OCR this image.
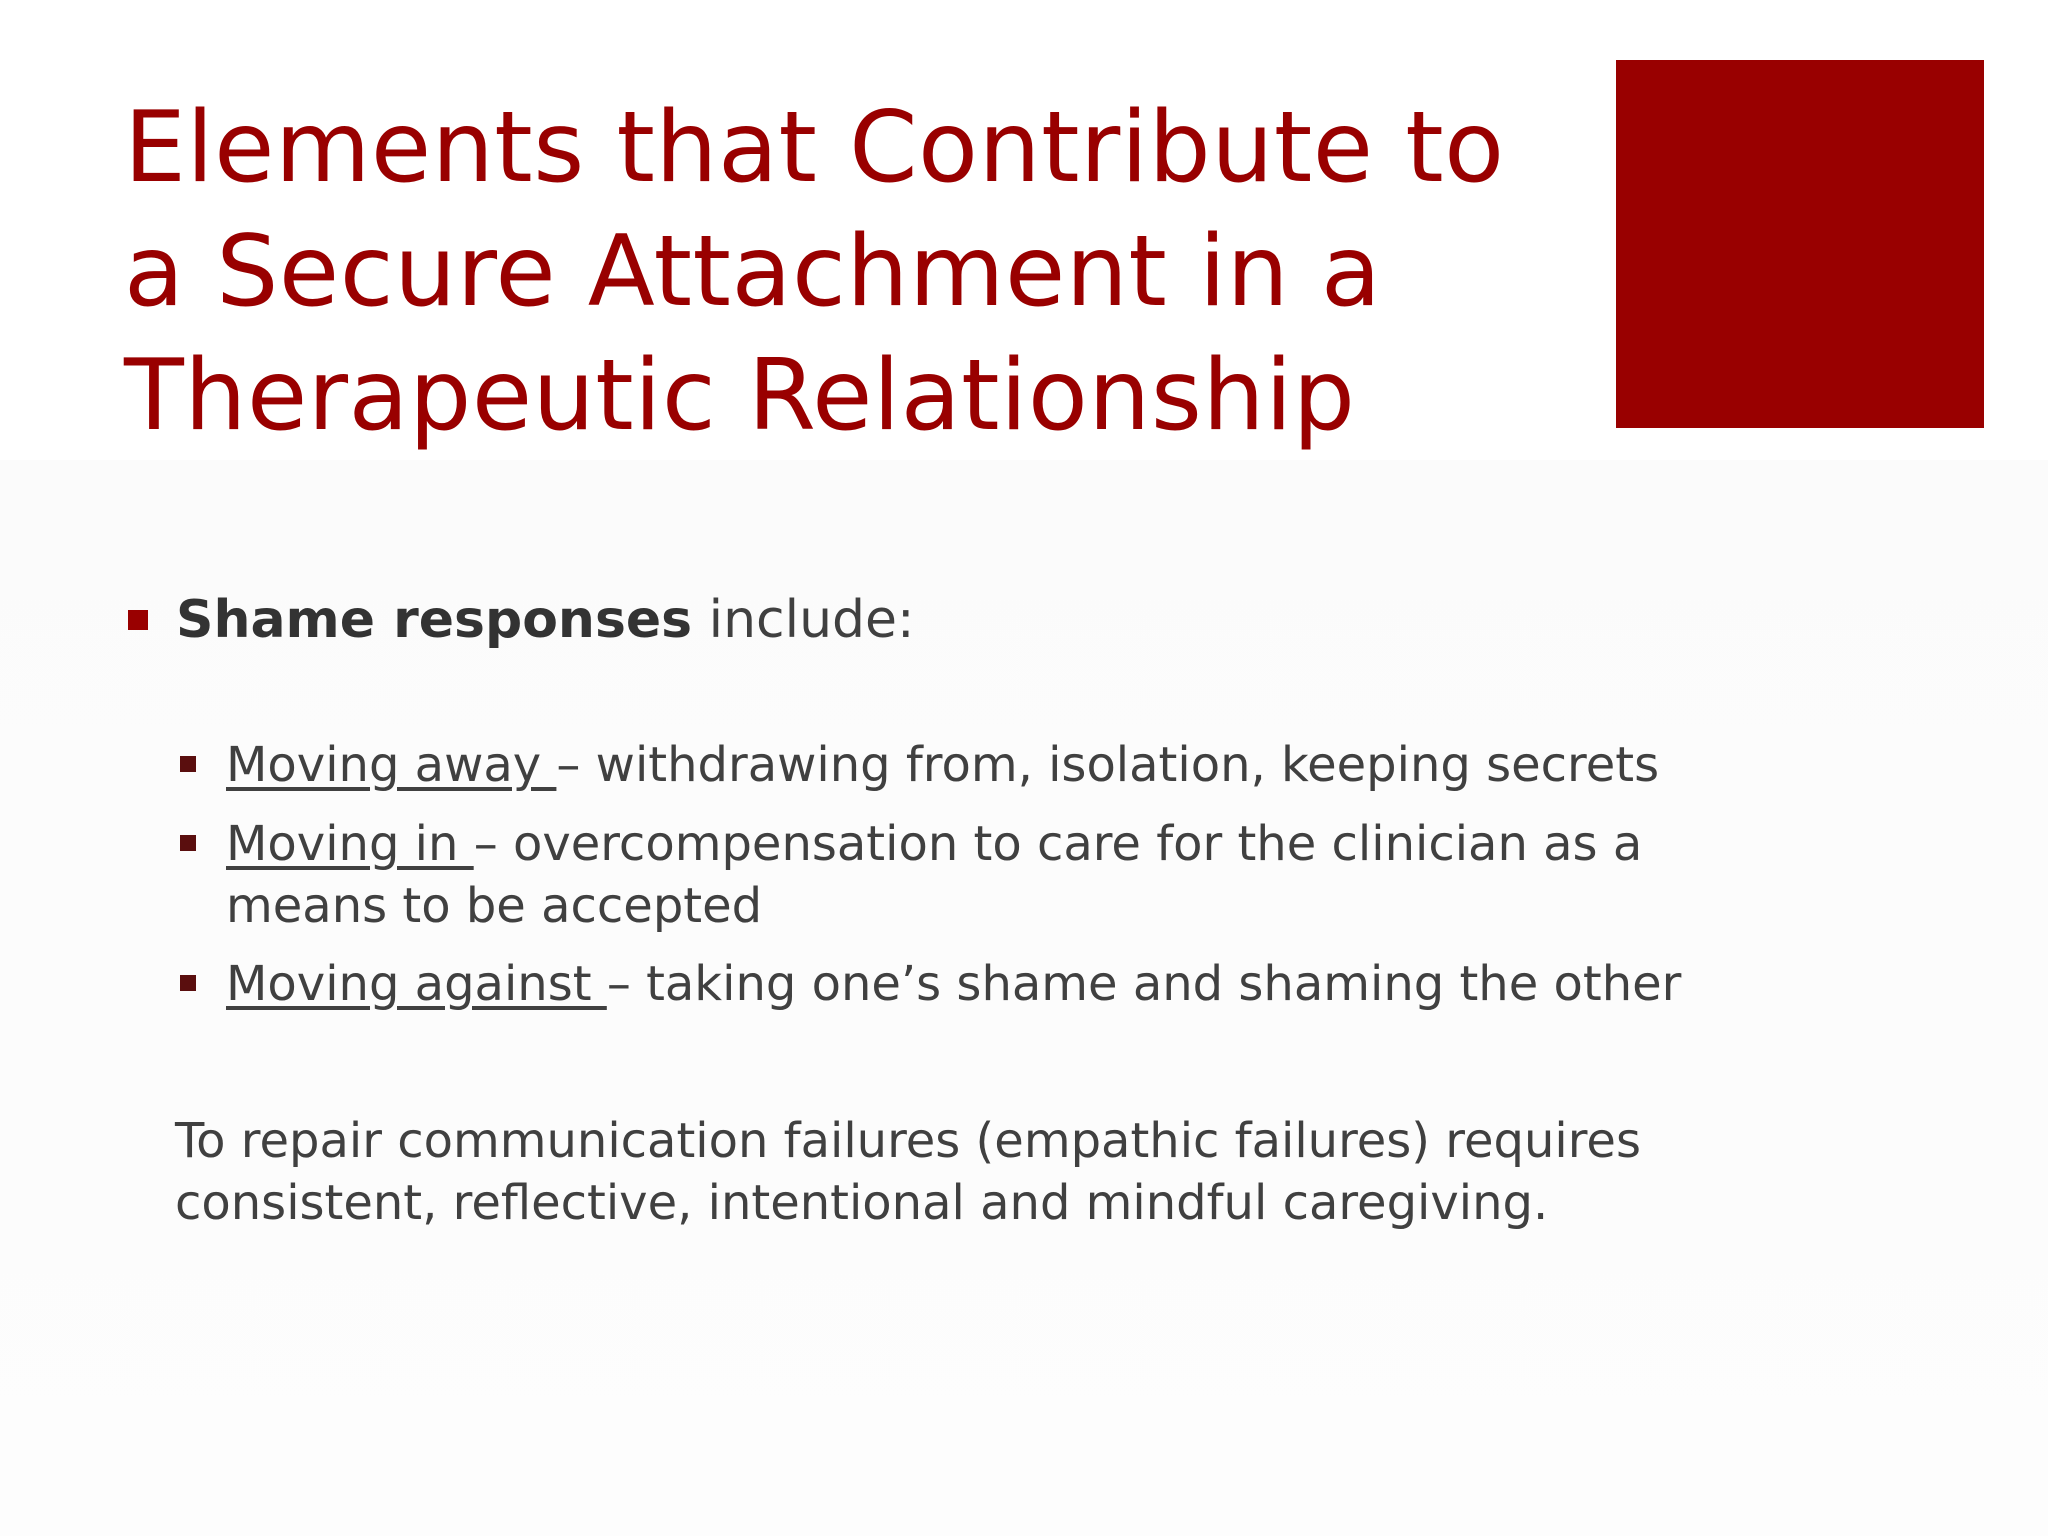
Elements that Contribute to
a Secure Attachment in a
Therapeutic Relationship
Shame responses include:
Moving away – withdrawing from, isolation, keeping secrets
Moving in – overcompensation to care for the clinician as a means to be accepted
Moving against – taking one’s shame and shaming the other

To repair communication failures (empathic failures) requires consistent, reflective, intentional and mindful caregiving.
